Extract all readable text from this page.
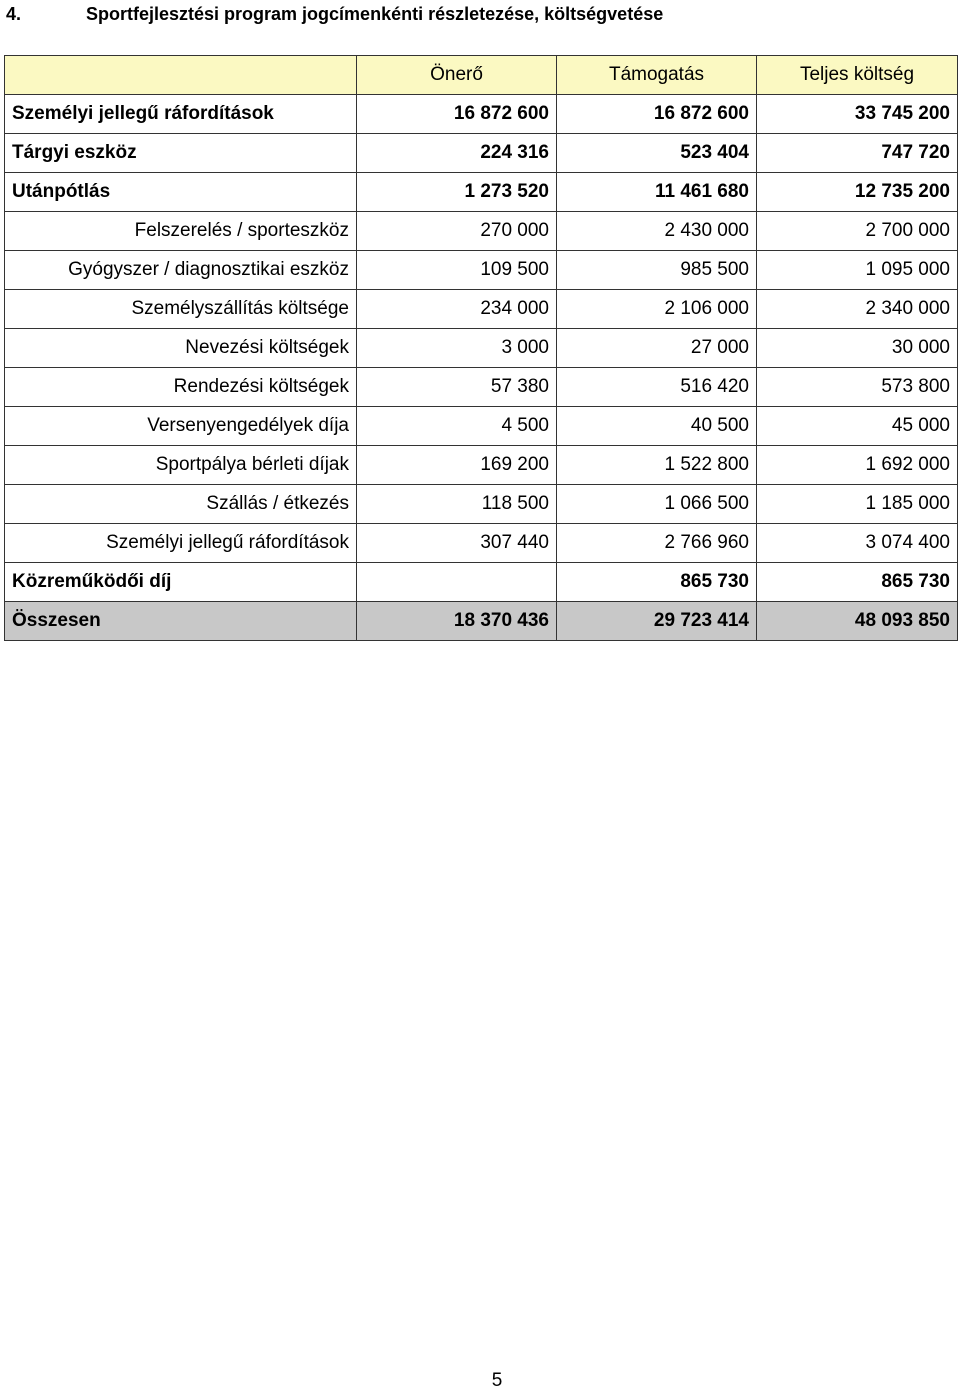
4.	Sportfejlesztési program jogcímenkénti részletezése, költségvetése
	Önerő	Támogatás	Teljes költség
Személyi jellegű ráfordítások	16 872 600	16 872 600	33 745 200
Tárgyi eszköz	224 316	523 404	747 720
Utánpótlás	1 273 520	11 461 680	12 735 200
Felszerelés / sporteszköz	270 000	2 430 000	2 700 000
Gyógyszer / diagnosztikai eszköz	109 500	985 500	1 095 000
Személyszállítás költsége	234 000	2 106 000	2 340 000
Nevezési költségek	3 000	27 000	30 000
Rendezési költségek	57 380	516 420	573 800
Versenyengedélyek díja	4 500	40 500	45 000
Sportpálya bérleti díjak	169 200	1 522 800	1 692 000
Szállás / étkezés	118 500	1 066 500	1 185 000
Személyi jellegű ráfordítások	307 440	2 766 960	3 074 400
Közreműködői díj		865 730	865 730
Összesen	18 370 436	29 723 414	48 093 850
5
